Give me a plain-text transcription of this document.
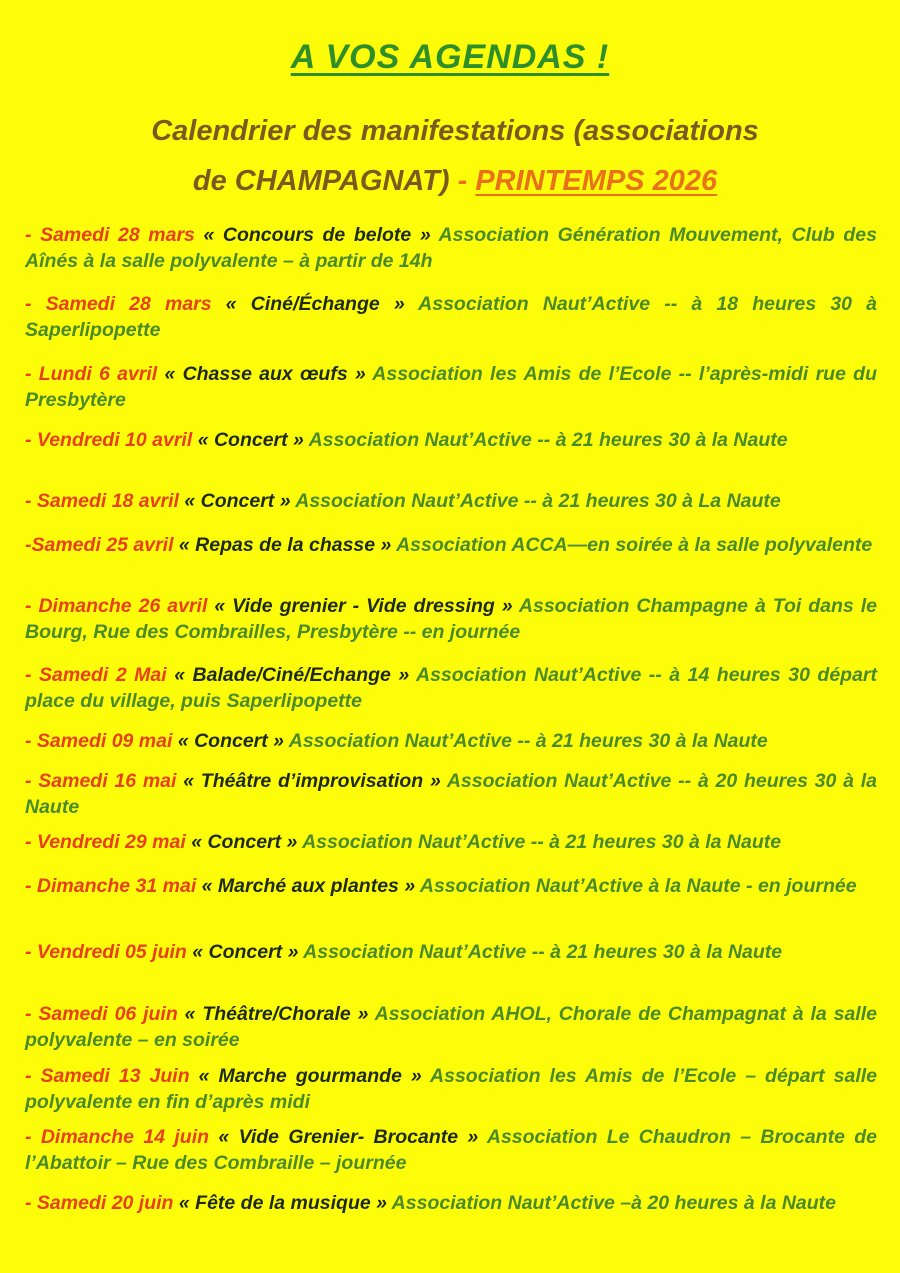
A VOS AGENDAS !
Calendrier des manifestations (associations
de CHAMPAGNAT) - PRINTEMPS 2026
- Samedi 28 mars « Concours de belote » Association Génération Mouvement, Club des Aînés à la salle polyvalente – à partir de 14h
- Samedi 28 mars « Ciné/Échange » Association Naut’Active -- à 18 heures 30 à Saperlipopette
- Lundi 6 avril « Chasse aux œufs » Association les Amis de l’Ecole -- l’après-midi rue du Presbytère
- Vendredi 10 avril « Concert » Association Naut’Active -- à 21 heures 30 à la Naute
- Samedi 18 avril « Concert » Association Naut’Active -- à 21 heures 30 à La Naute
-Samedi 25 avril « Repas de la chasse » Association ACCA—en soirée à la salle polyvalente
- Dimanche 26 avril « Vide grenier - Vide dressing » Association Champagne à Toi dans le Bourg, Rue des Combrailles, Presbytère -- en journée
- Samedi 2 Mai « Balade/Ciné/Echange » Association Naut’Active -- à 14 heures 30 départ place du village, puis Saperlipopette
- Samedi 09 mai « Concert » Association Naut’Active -- à 21 heures 30 à la Naute
- Samedi 16 mai « Théâtre d’improvisation » Association Naut’Active -- à 20 heures 30 à la Naute
- Vendredi 29 mai « Concert » Association Naut’Active -- à 21 heures 30 à la Naute
- Dimanche 31 mai « Marché aux plantes » Association Naut’Active à la Naute - en journée
- Vendredi 05 juin « Concert » Association Naut’Active -- à 21 heures 30 à la Naute
- Samedi 06 juin « Théâtre/Chorale » Association AHOL, Chorale de Champagnat à la salle polyvalente – en soirée
- Samedi 13 Juin « Marche gourmande » Association les Amis de l’Ecole – départ salle polyvalente en fin d’après midi
- Dimanche 14 juin « Vide Grenier- Brocante » Association Le Chaudron – Brocante de l’Abattoir – Rue des Combraille – journée
- Samedi 20 juin « Fête de la musique » Association Naut’Active –à 20 heures à la Naute
